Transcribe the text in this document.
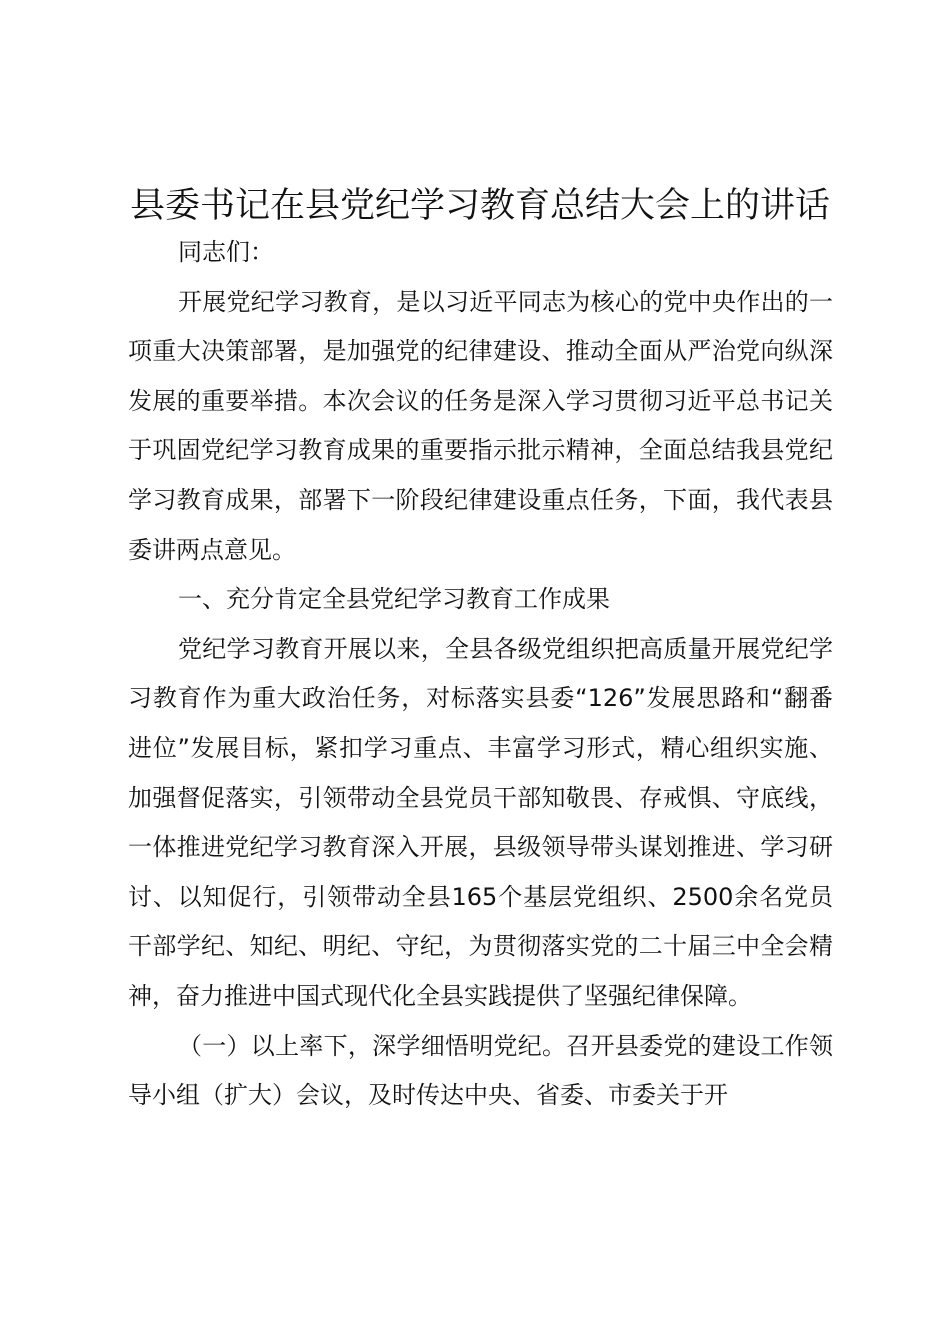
县委书记在县党纪学习教育总结大会上的讲话

同志们：

开展党纪学习教育，是以习近平同志为核心的党中央作出的一项重大决策部署，是加强党的纪律建设、推动全面从严治党向纵深发展的重要举措。本次会议的任务是深入学习贯彻习近平总书记关于巩固党纪学习教育成果的重要指示批示精神，全面总结我县党纪学习教育成果，部署下一阶段纪律建设重点任务，下面，我代表县委讲两点意见。

一、充分肯定全县党纪学习教育工作成果

党纪学习教育开展以来，全县各级党组织把高质量开展党纪学习教育作为重大政治任务，对标落实县委“126”发展思路和“翻番进位”发展目标，紧扣学习重点、丰富学习形式，精心组织实施、加强督促落实，引领带动全县党员干部知敬畏、存戒惧、守底线，一体推进党纪学习教育深入开展，县级领导带头谋划推进、学习研讨、以知促行，引领带动全县165个基层党组织、2500余名党员干部学纪、知纪、明纪、守纪，为贯彻落实党的二十届三中全会精神，奋力推进中国式现代化全县实践提供了坚强纪律保障。

（一）以上率下，深学细悟明党纪。召开县委党的建设工作领导小组（扩大）会议，及时传达中央、省委、市委关于开
